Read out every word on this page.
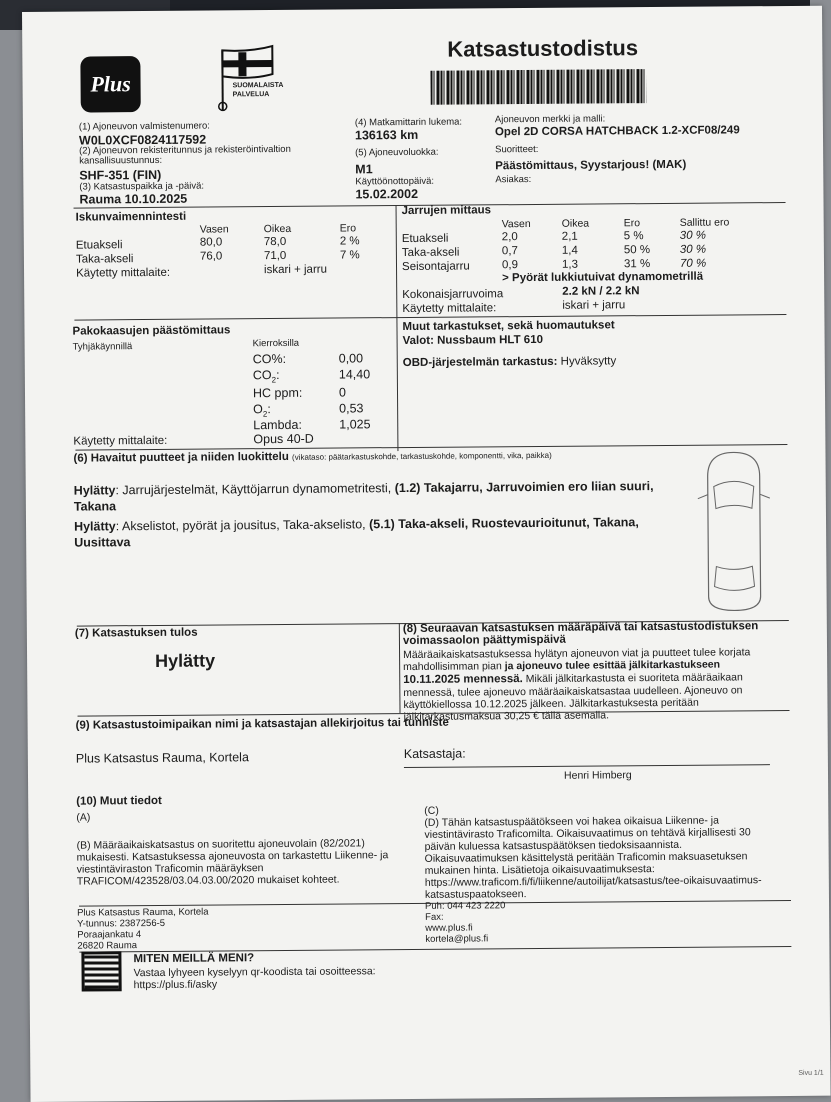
Plus	SUOMALAISTA
PALVELUA
Katsastustodistus
(1) Ajoneuvon valmistenumero:
W0L0XCF0824117592
(2) Ajoneuvon rekisteritunnus ja rekisteröintivaltion kansallisuustunnus:
SHF-351 (FIN)
(3) Katsastuspaikka ja -päivä:
Rauma 10.10.2025
(4) Matkamittarin lukema:
136163 km
(5) Ajoneuvoluokka:
M1
Käyttöönottopäivä:
15.02.2002
Ajoneuvon merkki ja malli:
Opel 2D CORSA HATCHBACK 1.2-XCF08/249
Suoritteet:
Päästömittaus, Syystarjous! (MAK)
Asiakas:
Iskunvaimennintesti
Vasen	Oikea	Ero
Etuakseli	80,0	78,0	2 %
Taka-akseli	76,0	71,0	7 %
Käytetty mittalaite:	iskari + jarru
Jarrujen mittaus
Vasen	Oikea	Ero	Sallittu ero
Etuakseli	2,0	2,1	5 %	30 %
Taka-akseli	0,7	1,4	50 %	30 %
Seisontajarru	0,9	1,3	31 %	70 %
> Pyörät lukkiutuivat dynamometrillä
Kokonaisjarruvoima	2.2 kN / 2.2 kN
Käytetty mittalaite:	iskari + jarru
Pakokaasujen päästömittaus
Tyhjäkäynnillä	Kierroksilla
CO%:	0,00
$CO_2$:	14,40
HC ppm:	0
$O_2$:	0,53
Lambda:	1,025
Käytetty mittalaite:	Opus 40-D
Muut tarkastukset, sekä huomautukset
Valot: Nussbaum HLT 610
OBD-järjestelmän tarkastus: Hyväksytty
(6) Havaitut puutteet ja niiden luokittelu (vikataso: päätarkastuskohde, tarkastuskohde, komponentti, vika, paikka)
Hylätty: Jarrujärjestelmät, Käyttöjarrun dynamometritesti, (1.2) Takajarru, Jarruvoimien ero liian suuri,
Takana
Hylätty: Akselistot, pyörät ja jousitus, Taka-akselisto, (5.1) Taka-akseli, Ruostevaurioitunut, Takana,
Uusittava
(7) Katsastuksen tulos
Hylätty
(8) Seuraavan katsastuksen määräpäivä tai katsastustodistuksen
voimassaolon päättymispäivä
Määräaikaiskatsastuksessa hylätyn ajoneuvon viat ja puutteet tulee korjata
mahdollisimman pian ja ajoneuvo tulee esittää jälkitarkastukseen
10.11.2025 mennessä. Mikäli jälkitarkastusta ei suoriteta määräaikaan
mennessä, tulee ajoneuvo määräaikaiskatsastaa uudelleen. Ajoneuvo on
käyttökiellossa 10.12.2025 jälkeen. Jälkitarkastuksesta peritään
jälkitarkastusmaksua 30,25 € tällä asemalla.
(9) Katsastustoimipaikan nimi ja katsastajan allekirjoitus tai tunniste
Plus Katsastus Rauma, Kortela	Katsastaja:
Henri Himberg
(10) Muut tiedot
(A)
(B) Määräaikaiskatsastus on suoritettu ajoneuvolain (82/2021)
mukaisesti. Katsastuksessa ajoneuvosta on tarkastettu Liikenne- ja
viestintäviraston Traficomin määräyksen
TRAFICOM/423528/03.04.03.00/2020 mukaiset kohteet.
(C)
(D) Tähän katsastuspäätökseen voi hakea oikaisua Liikenne- ja
viestintävirasto Traficomilta. Oikaisuvaatimus on tehtävä kirjallisesti 30
päivän kuluessa katsastuspäätöksen tiedoksisaannista.
Oikaisuvaatimuksen käsittelystä peritään Traficomin maksuasetuksen
mukainen hinta. Lisätietoja oikaisuvaatimuksesta:
https://www.traficom.fi/fi/liikenne/autoilijat/katsastus/tee-oikaisuvaatimus-
katsastuspaatokseen.
Plus Katsastus Rauma, Kortela
Y-tunnus: 2387256-5
Poraajankatu 4
26820 Rauma
Puh: 044 423 2220
Fax:
www.plus.fi
kortela@plus.fi
MITEN MEILLÄ MENI?
Vastaa lyhyeen kyselyyn qr-koodista tai osoitteessa:
https://plus.fi/asky
Sivu 1/1
